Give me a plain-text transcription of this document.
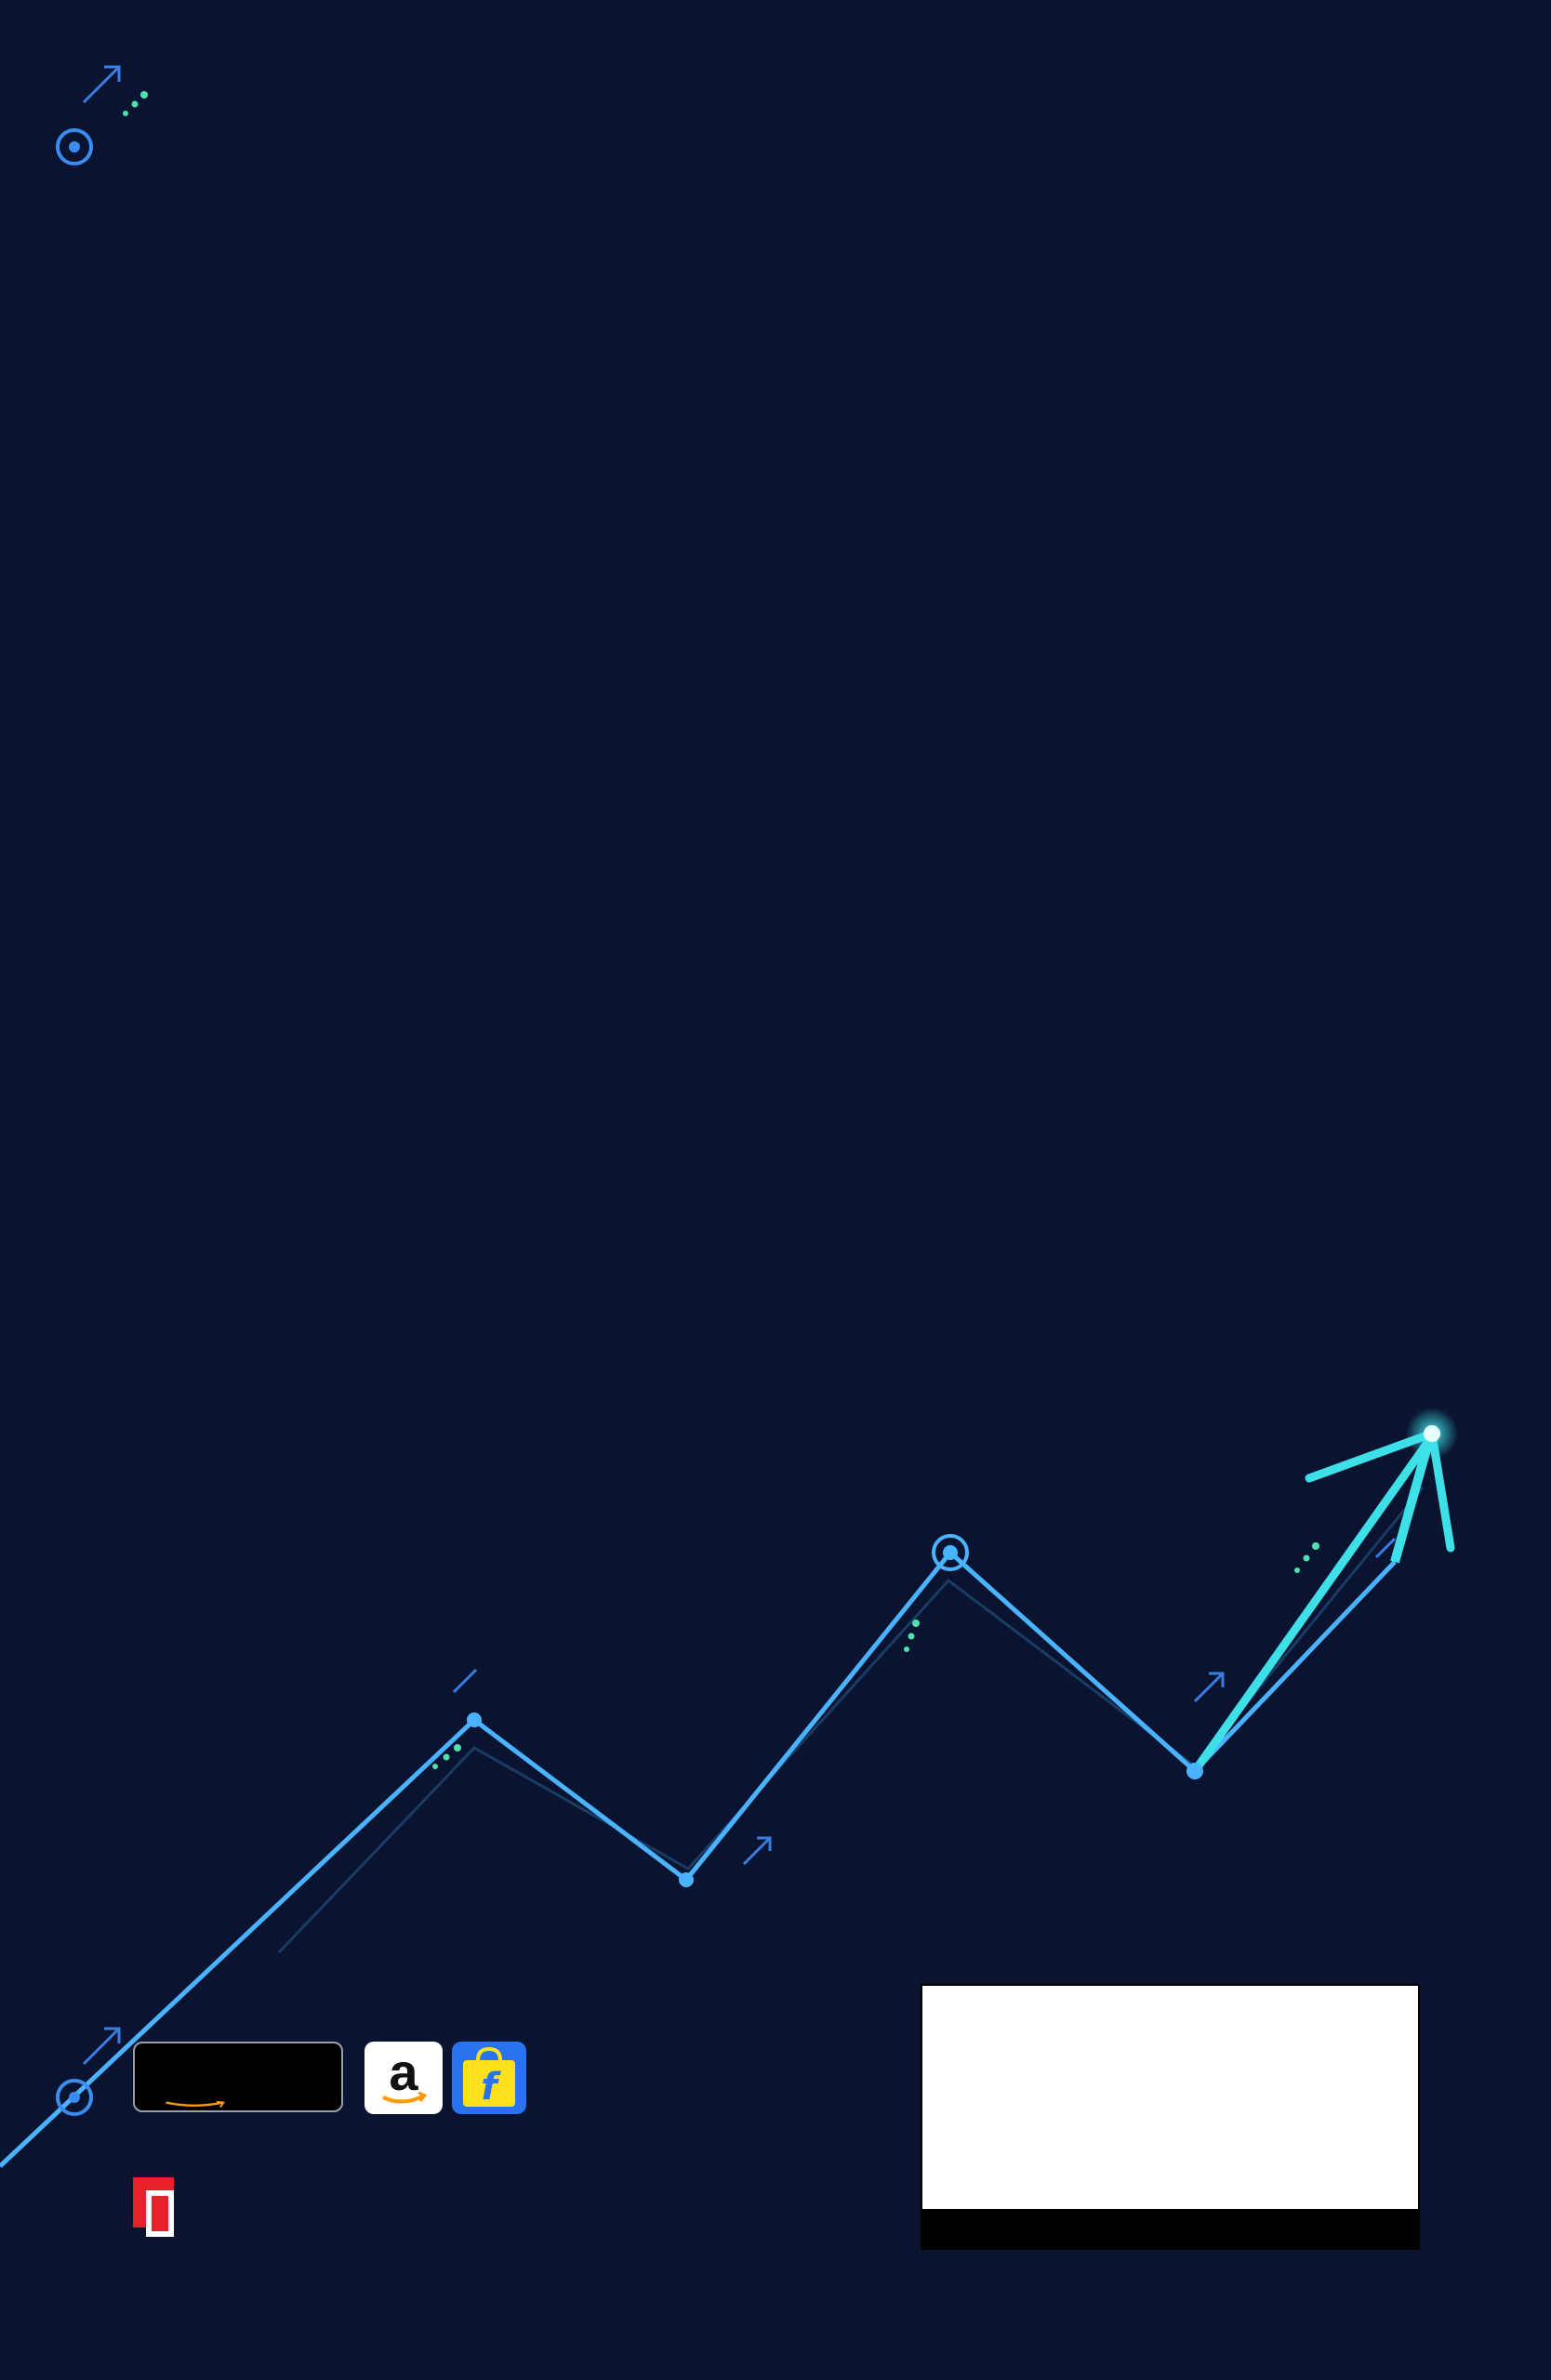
a f
